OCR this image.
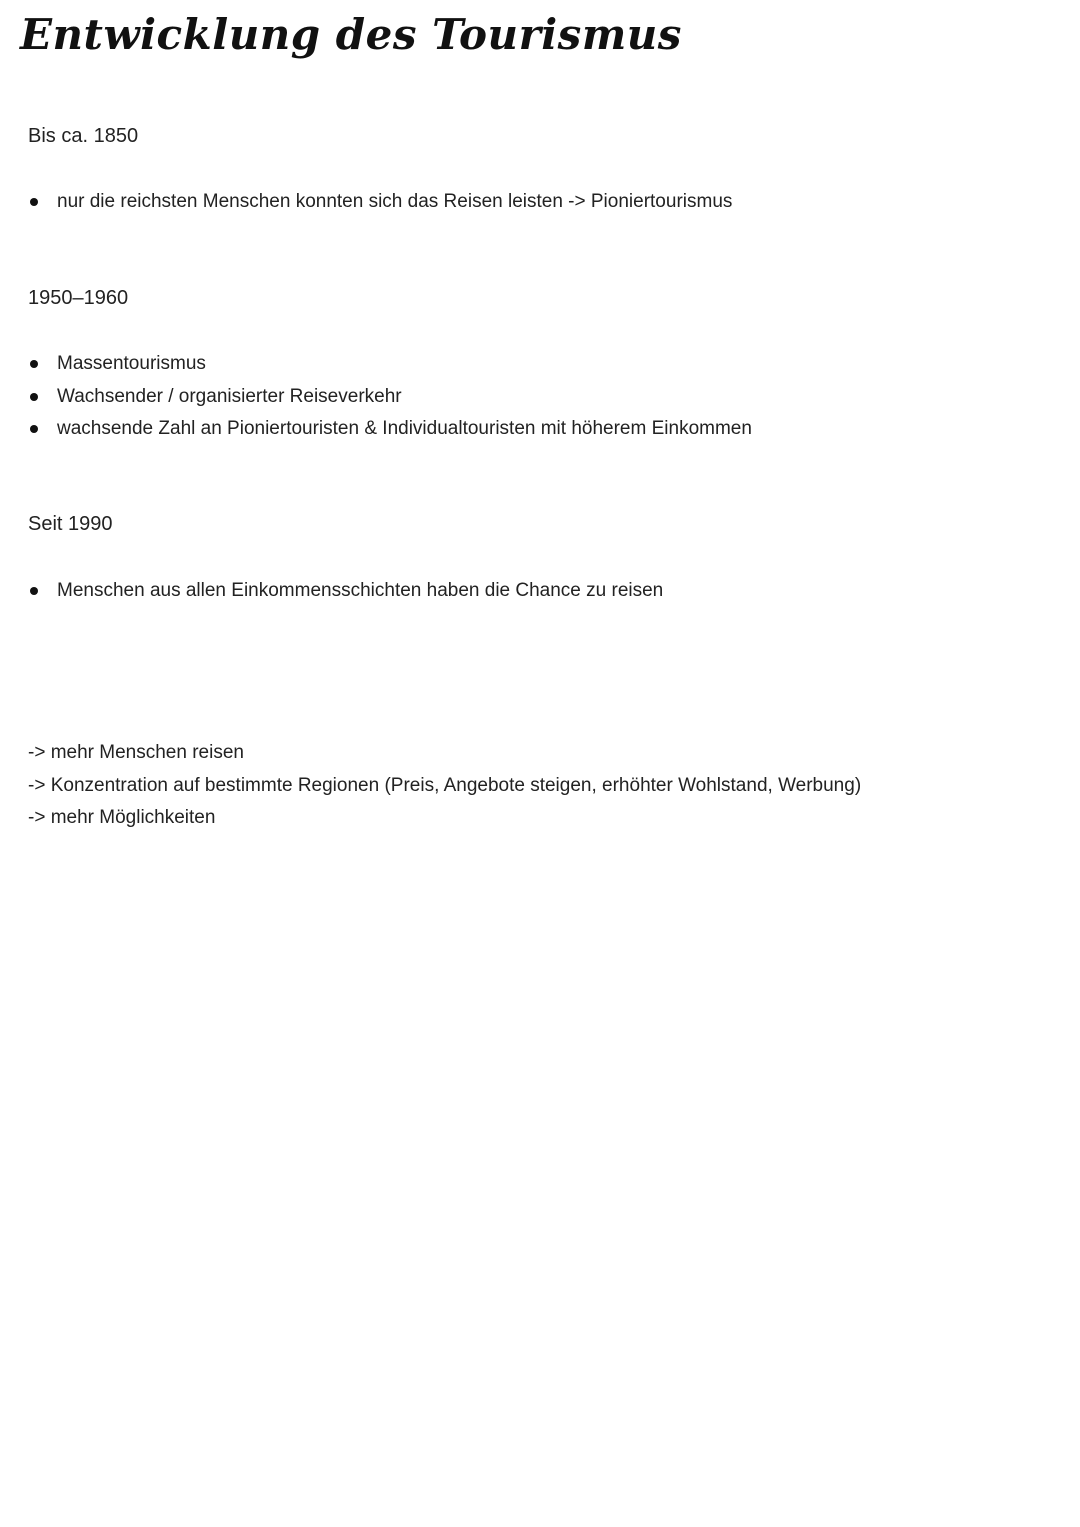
Entwicklung des Tourismus
Bis ca. 1850
nur die reichsten Menschen konnten sich das Reisen leisten -> Pioniertourismus
1950–1960
Massentourismus
Wachsender / organisierter Reiseverkehr
wachsende Zahl an Pioniertouristen & Individualtouristen mit höherem Einkommen
Seit 1990
Menschen aus allen Einkommensschichten haben die Chance zu reisen
-> mehr Menschen reisen
-> Konzentration auf bestimmte Regionen (Preis, Angebote steigen, erhöhter Wohlstand, Werbung)
-> mehr Möglichkeiten
